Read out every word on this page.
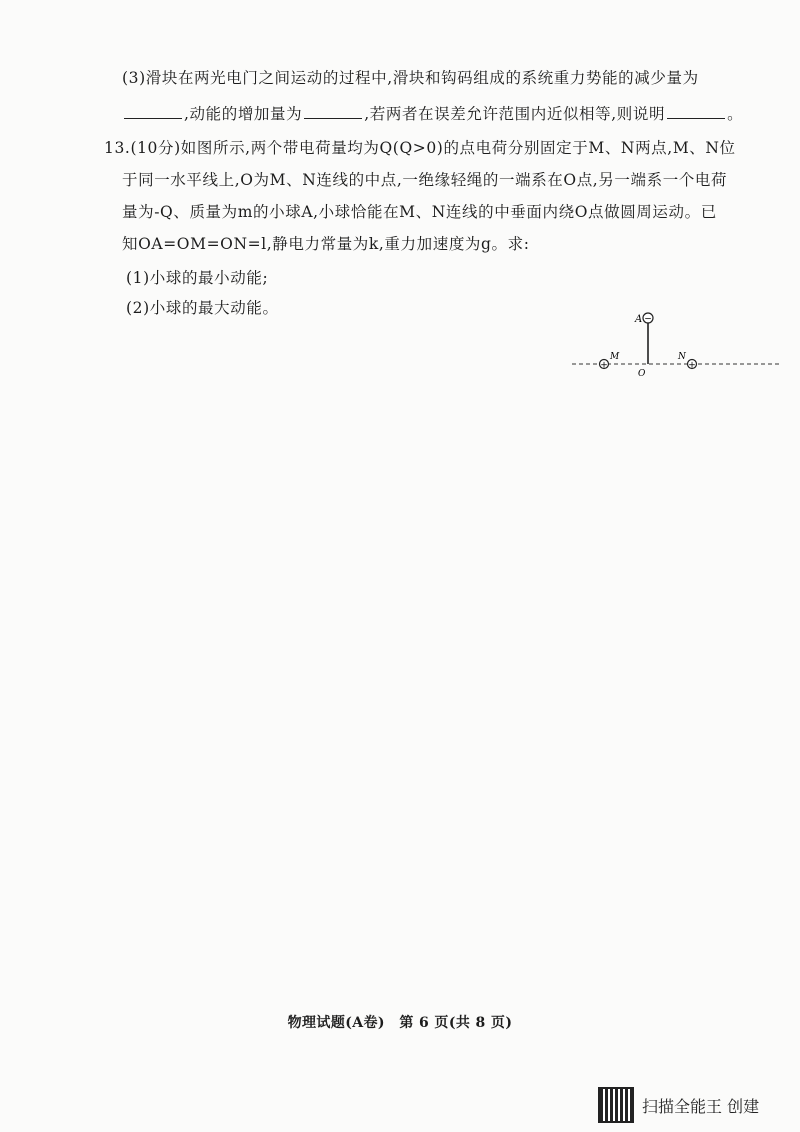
(3)滑块在两光电门之间运动的过程中,滑块和钩码组成的系统重力势能的减少量为
,动能的增加量为	,若两者在误差允许范围内近似相等,则说明	。
13.(10分)如图所示,两个带电荷量均为Q(Q>0)的点电荷分别固定于M、N两点,M、N位
于同一水平线上,O为M、N连线的中点,一绝缘轻绳的一端系在O点,另一端系一个电荷
量为-Q、质量为m的小球A,小球恰能在M、N连线的中垂面内绕O点做圆周运动。已
知OA=OM=ON=l,静电力常量为k,重力加速度为g。求:
(1)小球的最小动能;
(2)小球的最大动能。
−
A
+
M
+
N
O
物理试题(A卷)　第 6 页(共 8 页)
扫描全能王 创建
